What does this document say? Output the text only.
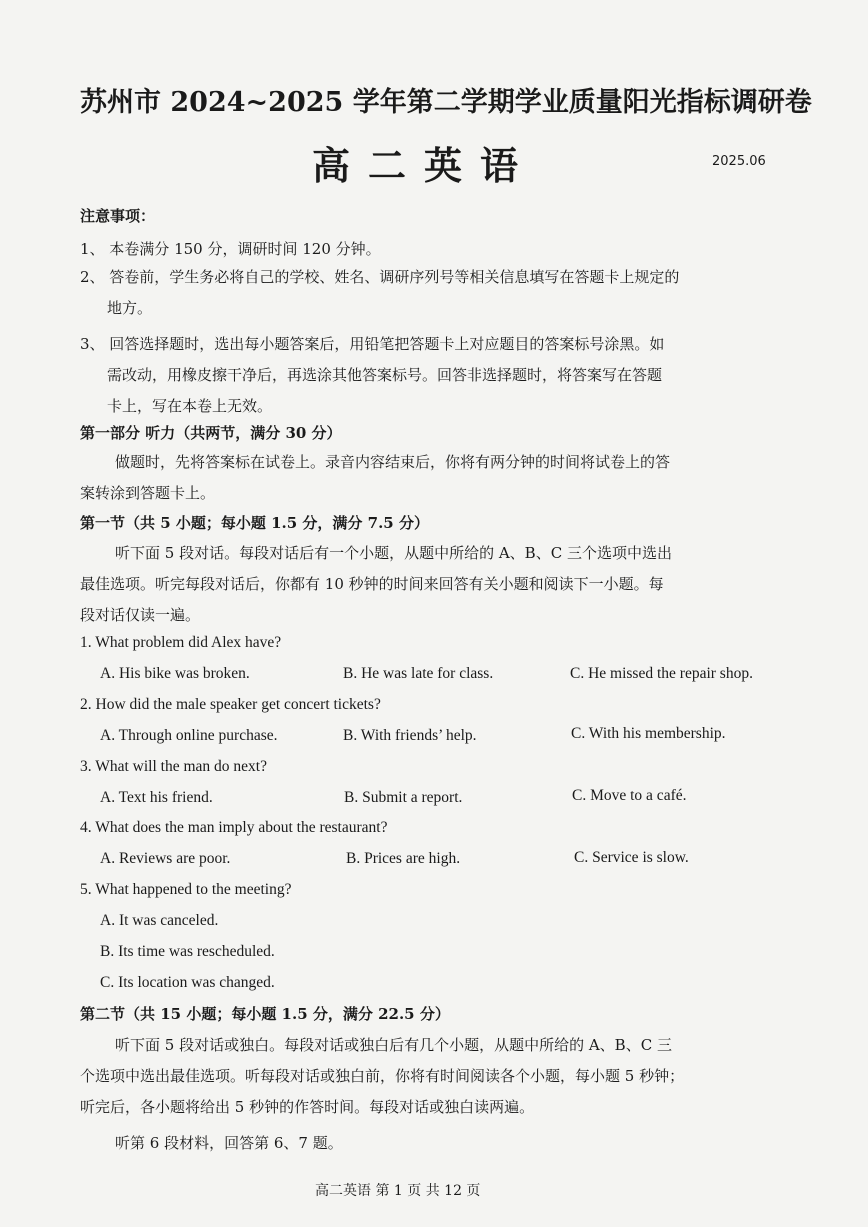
苏州市 2024~2025 学年第二学期学业质量阳光指标调研卷
高二英语	2025.06
注意事项：
1、 本卷满分 150 分，调研时间 120 分钟。
2、 答卷前，学生务必将自己的学校、姓名、调研序列号等相关信息填写在答题卡上规定的
地方。
3、 回答选择题时，选出每小题答案后，用铅笔把答题卡上对应题目的答案标号涂黑。如
需改动，用橡皮擦干净后，再选涂其他答案标号。回答非选择题时，将答案写在答题
卡上，写在本卷上无效。
第一部分 听力（共两节，满分 30 分）
做题时，先将答案标在试卷上。录音内容结束后，你将有两分钟的时间将试卷上的答
案转涂到答题卡上。
第一节（共 5 小题；每小题 1.5 分，满分 7.5 分）
听下面 5 段对话。每段对话后有一个小题，从题中所给的 A、B、C 三个选项中选出
最佳选项。听完每段对话后，你都有 10 秒钟的时间来回答有关小题和阅读下一小题。每
段对话仅读一遍。
1. What problem did Alex have?
A. His bike was broken.	B. He was late for class.	C. He missed the repair shop.
2. How did the male speaker get concert tickets?
A. Through online purchase.	B. With friends’ help.	C. With his membership.
3. What will the man do next?
A. Text his friend.	B. Submit a report.	C. Move to a café.
4. What does the man imply about the restaurant?
A. Reviews are poor.	B. Prices are high.	C. Service is slow.
5. What happened to the meeting?
A. It was canceled.
B. Its time was rescheduled.
C. Its location was changed.
第二节（共 15 小题；每小题 1.5 分，满分 22.5 分）
听下面 5 段对话或独白。每段对话或独白后有几个小题，从题中所给的 A、B、C 三
个选项中选出最佳选项。听每段对话或独白前，你将有时间阅读各个小题，每小题 5 秒钟；
听完后，各小题将给出 5 秒钟的作答时间。每段对话或独白读两遍。
听第 6 段材料，回答第 6、7 题。
高二英语 第 1 页 共 12 页
